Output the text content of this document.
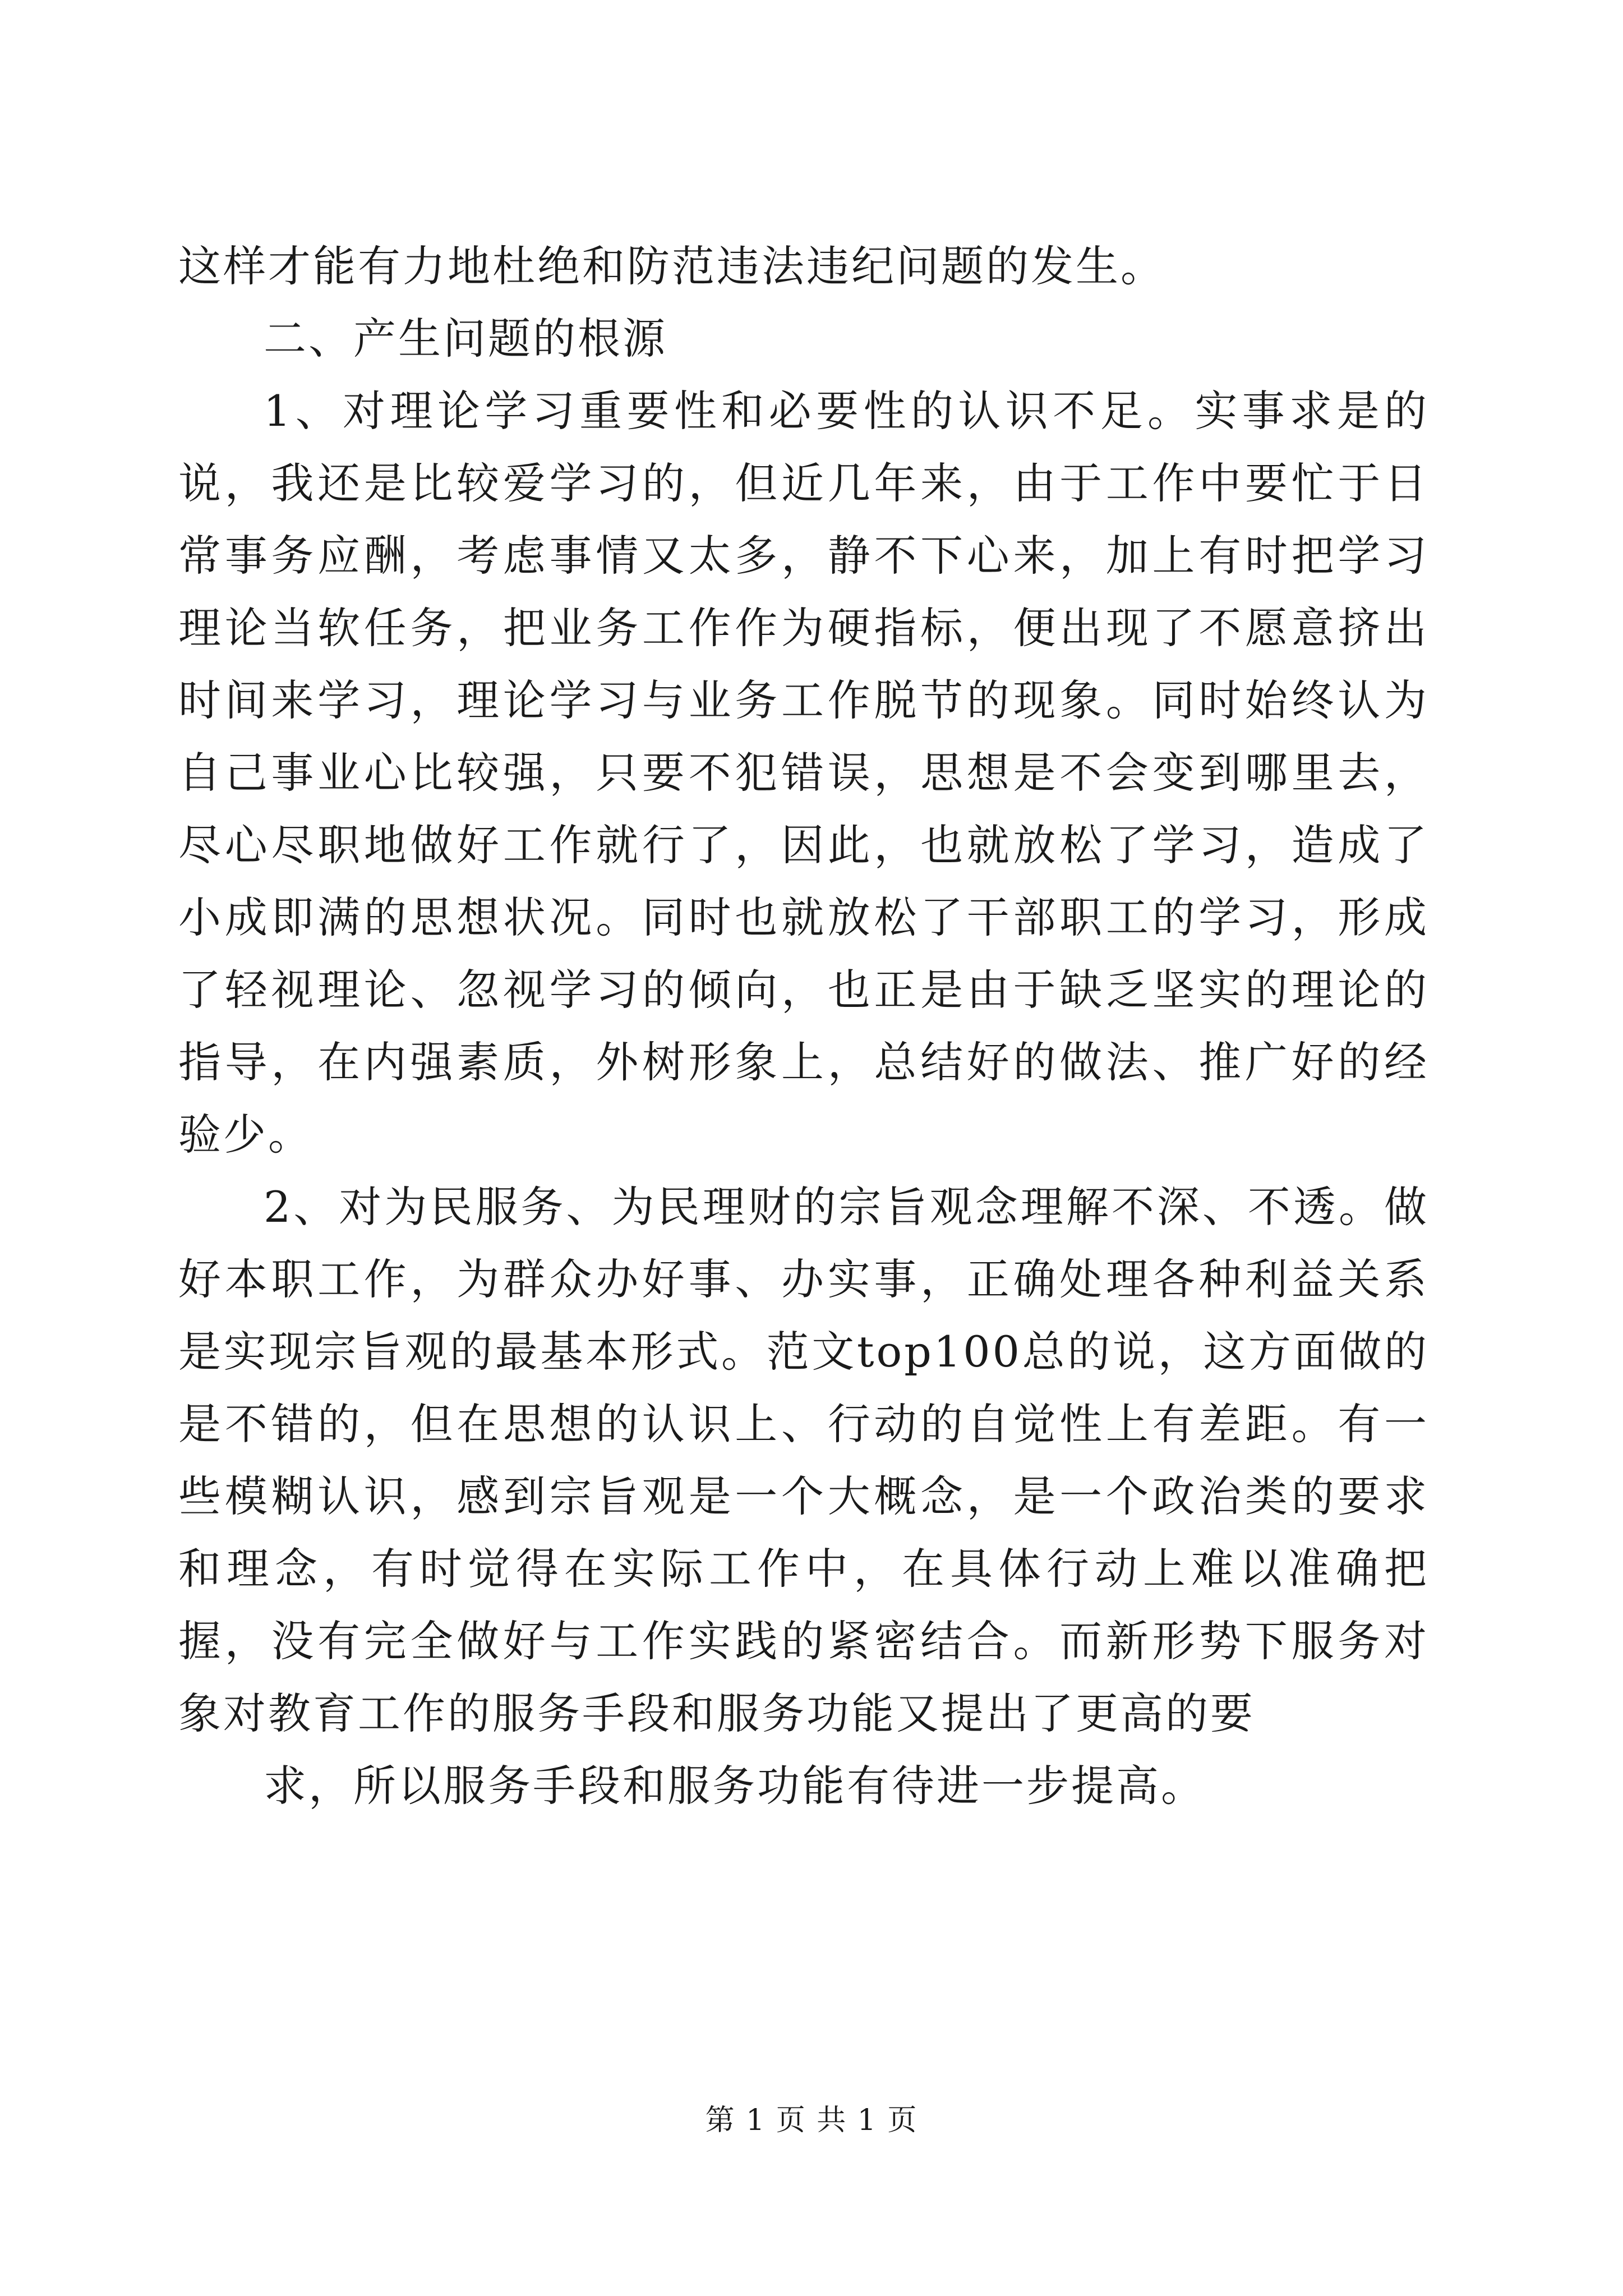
这样才能有力地杜绝和防范违法违纪问题的发生。

二、产生问题的根源

1、对理论学习重要性和必要性的认识不足。实事求是的说，我还是比较爱学习的，但近几年来，由于工作中要忙于日常事务应酬，考虑事情又太多，静不下心来，加上有时把学习理论当软任务，把业务工作作为硬指标，便出现了不愿意挤出时间来学习，理论学习与业务工作脱节的现象。同时始终认为自己事业心比较强，只要不犯错误，思想是不会变到哪里去，尽心尽职地做好工作就行了，因此，也就放松了学习，造成了小成即满的思想状况。同时也就放松了干部职工的学习，形成了轻视理论、忽视学习的倾向，也正是由于缺乏坚实的理论的指导，在内强素质，外树形象上，总结好的做法、推广好的经验少。

2、对为民服务、为民理财的宗旨观念理解不深、不透。做好本职工作，为群众办好事、办实事，正确处理各种利益关系是实现宗旨观的最基本形式。范文top100总的说，这方面做的是不错的，但在思想的认识上、行动的自觉性上有差距。有一些模糊认识，感到宗旨观是一个大概念，是一个政治类的要求和理念，有时觉得在实际工作中，在具体行动上难以准确把握，没有完全做好与工作实践的紧密结合。而新形势下服务对象对教育工作的服务手段和服务功能又提出了更高的要

求，所以服务手段和服务功能有待进一步提高。

第 1 页 共 1 页
